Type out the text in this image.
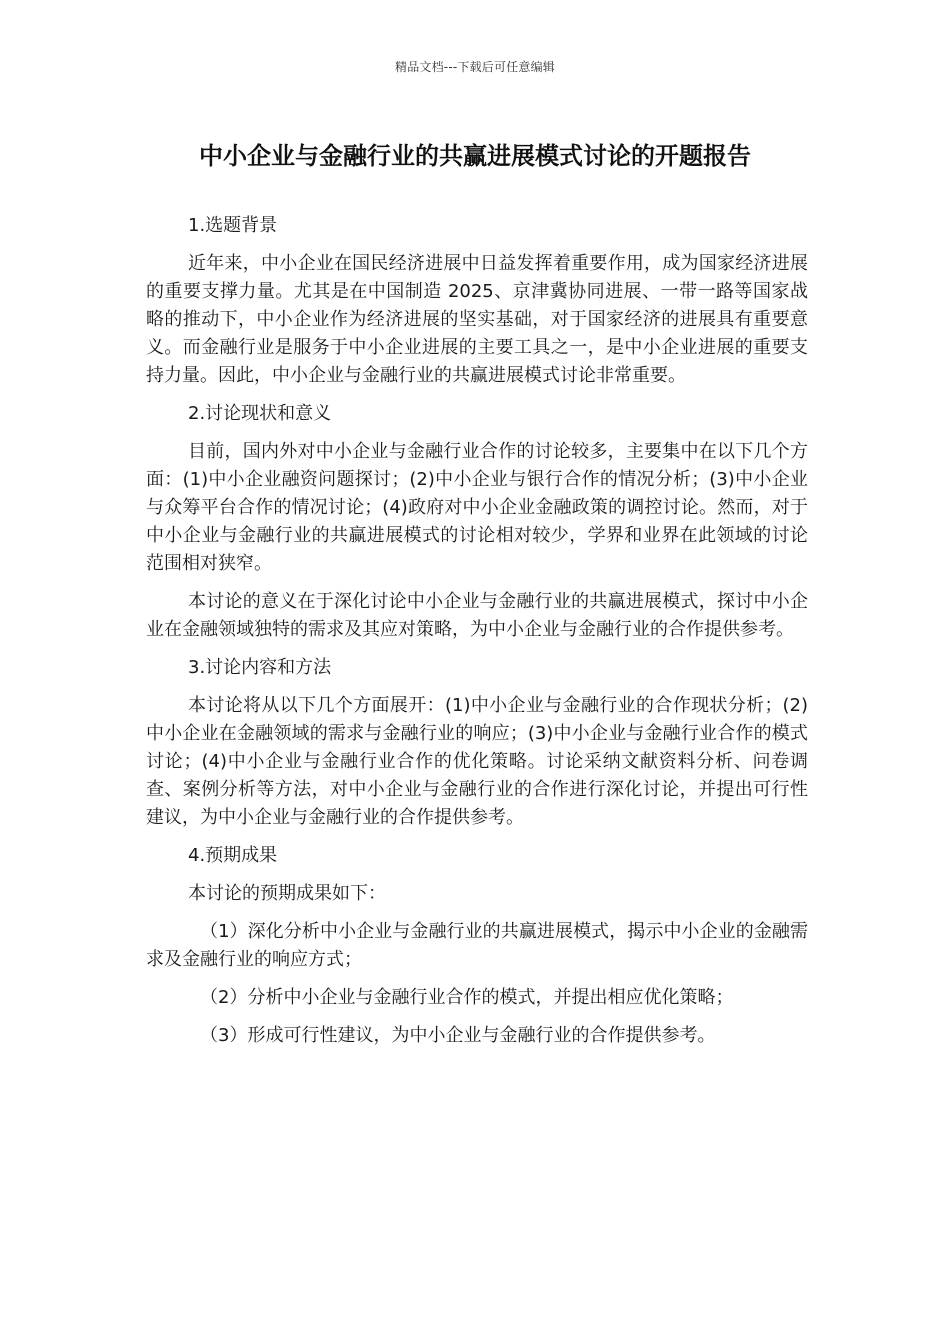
精品文档---下载后可任意编辑
中小企业与金融行业的共赢进展模式讨论的开题报告

1.选题背景

近年来，中小企业在国民经济进展中日益发挥着重要作用，成为国家经济进展的重要支撑力量。尤其是在中国制造 2025、京津冀协同进展、一带一路等国家战略的推动下，中小企业作为经济进展的坚实基础，对于国家经济的进展具有重要意义。而金融行业是服务于中小企业进展的主要工具之一，是中小企业进展的重要支持力量。因此，中小企业与金融行业的共赢进展模式讨论非常重要。

2.讨论现状和意义

目前，国内外对中小企业与金融行业合作的讨论较多，主要集中在以下几个方面：(1)中小企业融资问题探讨；(2)中小企业与银行合作的情况分析；(3)中小企业与众筹平台合作的情况讨论；(4)政府对中小企业金融政策的调控讨论。然而，对于中小企业与金融行业的共赢进展模式的讨论相对较少，学界和业界在此领域的讨论范围相对狭窄。

本讨论的意义在于深化讨论中小企业与金融行业的共赢进展模式，探讨中小企业在金融领域独特的需求及其应对策略，为中小企业与金融行业的合作提供参考。

3.讨论内容和方法

本讨论将从以下几个方面展开：(1)中小企业与金融行业的合作现状分析；(2)中小企业在金融领域的需求与金融行业的响应；(3)中小企业与金融行业合作的模式讨论；(4)中小企业与金融行业合作的优化策略。讨论采纳文献资料分析、问卷调查、案例分析等方法，对中小企业与金融行业的合作进行深化讨论，并提出可行性建议，为中小企业与金融行业的合作提供参考。

4.预期成果

本讨论的预期成果如下：

（1）深化分析中小企业与金融行业的共赢进展模式，揭示中小企业的金融需求及金融行业的响应方式；

（2）分析中小企业与金融行业合作的模式，并提出相应优化策略；

（3）形成可行性建议，为中小企业与金融行业的合作提供参考。
